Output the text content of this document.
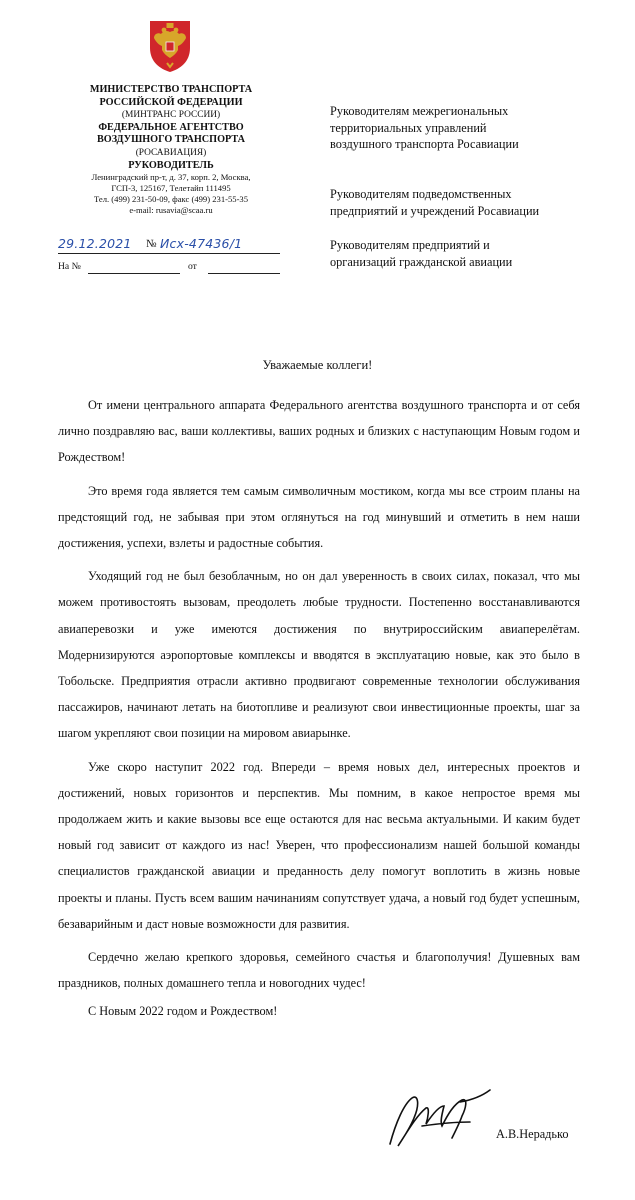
МИНИСТЕРСТВО ТРАНСПОРТА
РОССИЙСКОЙ ФЕДЕРАЦИИ
(МИНТРАНС РОССИИ)
ФЕДЕРАЛЬНОЕ АГЕНТСТВО
ВОЗДУШНОГО ТРАНСПОРТА
(РОСАВИАЦИЯ)
РУКОВОДИТЕЛЬ
Ленинградский пр-т, д. 37, корп. 2, Москва,
ГСП-3, 125167, Телетайп 111495
Тел. (499) 231-50-09, факс (499) 231-55-35
e-mail: rusavia@scaa.ru
29.12.2021 № Исх-47436/1
На №	от
Руководителям межрегиональных
территориальных управлений
воздушного транспорта Росавиации
Руководителям подведомственных
предприятий и учреждений Росавиации
Руководителям предприятий и
организаций гражданской авиации
Уважаемые коллеги!

От имени центрального аппарата Федерального агентства воздушного транспорта и от себя лично поздравляю вас, ваши коллективы, ваших родных и близких с наступающим Новым годом и Рождеством!

Это время года является тем самым символичным мостиком, когда мы все строим планы на предстоящий год, не забывая при этом оглянуться на год минувший и отметить в нем наши достижения, успехи, взлеты и радостные события.

Уходящий год не был безоблачным, но он дал уверенность в своих силах, показал, что мы можем противостоять вызовам, преодолеть любые трудности. Постепенно восстанавливаются авиаперевозки и уже имеются достижения по внутрироссийским авиаперелётам. Модернизируются аэропортовые комплексы и вводятся в эксплуатацию новые, как это было в Тобольске. Предприятия отрасли активно продвигают современные технологии обслуживания пассажиров, начинают летать на биотопливе и реализуют свои инвестиционные проекты, шаг за шагом укрепляют свои позиции на мировом авиарынке.

Уже скоро наступит 2022 год. Впереди – время новых дел, интересных проектов и достижений, новых горизонтов и перспектив. Мы помним, в какое непростое время мы продолжаем жить и какие вызовы все еще остаются для нас весьма актуальными. И каким будет новый год зависит от каждого из нас! Уверен, что профессионализм нашей большой команды специалистов гражданской авиации и преданность делу помогут воплотить в жизнь новые проекты и планы. Пусть всем вашим начинаниям сопутствует удача, а новый год будет успешным, безаварийным и даст новые возможности для развития.

Сердечно желаю крепкого здоровья, семейного счастья и благополучия! Душевных вам праздников, полных домашнего тепла и новогодних чудес!

С Новым 2022 годом и Рождеством!

А.В.Нерадько
